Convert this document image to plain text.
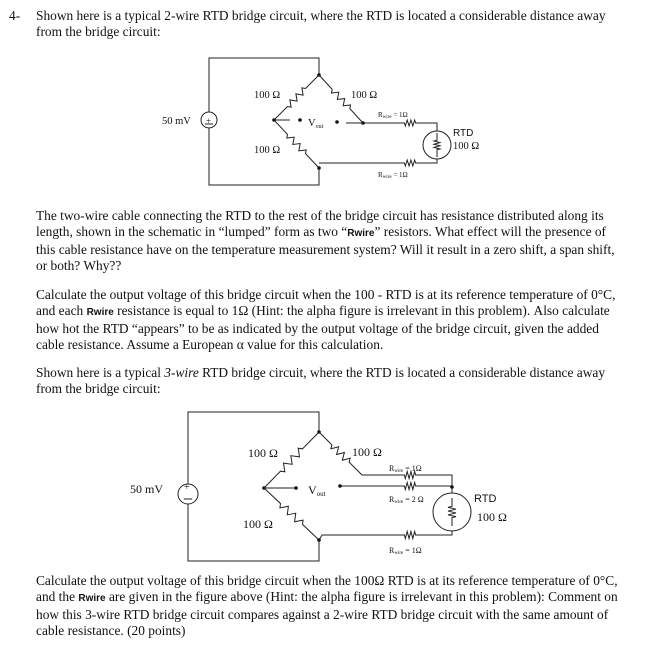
4- Shown here is a typical 2-wire RTD bridge circuit, where the RTD is located a considerable distance away from the bridge circuit:
50 mV +
100 Ω	100 Ω
100 Ω
Vout
Rwire = 1Ω
Rwire = 1Ω
RTD
100 Ω
50 mV +
100 Ω	100 Ω
100 Ω
Vout
Rwire = 1Ω
Rwire = 2 Ω
Rwire = 1Ω
RTD
100 Ω
The two-wire cable connecting the RTD to the rest of the bridge circuit has resistance distributed along its length, shown in the schematic in “lumped” form as two “Rwire” resistors. What effect will the presence of this cable resistance have on the temperature measurement system? Will it result in a zero shift, a span shift, or both? Why??
Calculate the output voltage of this bridge circuit when the 100 - RTD is at its reference temperature of 0°C, and each Rwire resistance is equal to 1Ω (Hint: the alpha figure is irrelevant in this problem). Also calculate how hot the RTD “appears” to be as indicated by the output voltage of the bridge circuit, given the added cable resistance. Assume a European α value for this calculation.
Shown here is a typical 3-wire RTD bridge circuit, where the RTD is located a considerable distance away from the bridge circuit:
Calculate the output voltage of this bridge circuit when the 100Ω RTD is at its reference temperature of 0°C, and the Rwire are given in the figure above (Hint: the alpha figure is irrelevant in this problem): Comment on how this 3-wire RTD bridge circuit compares against a 2-wire RTD bridge circuit with the same amount of cable resistance. (20 points)
